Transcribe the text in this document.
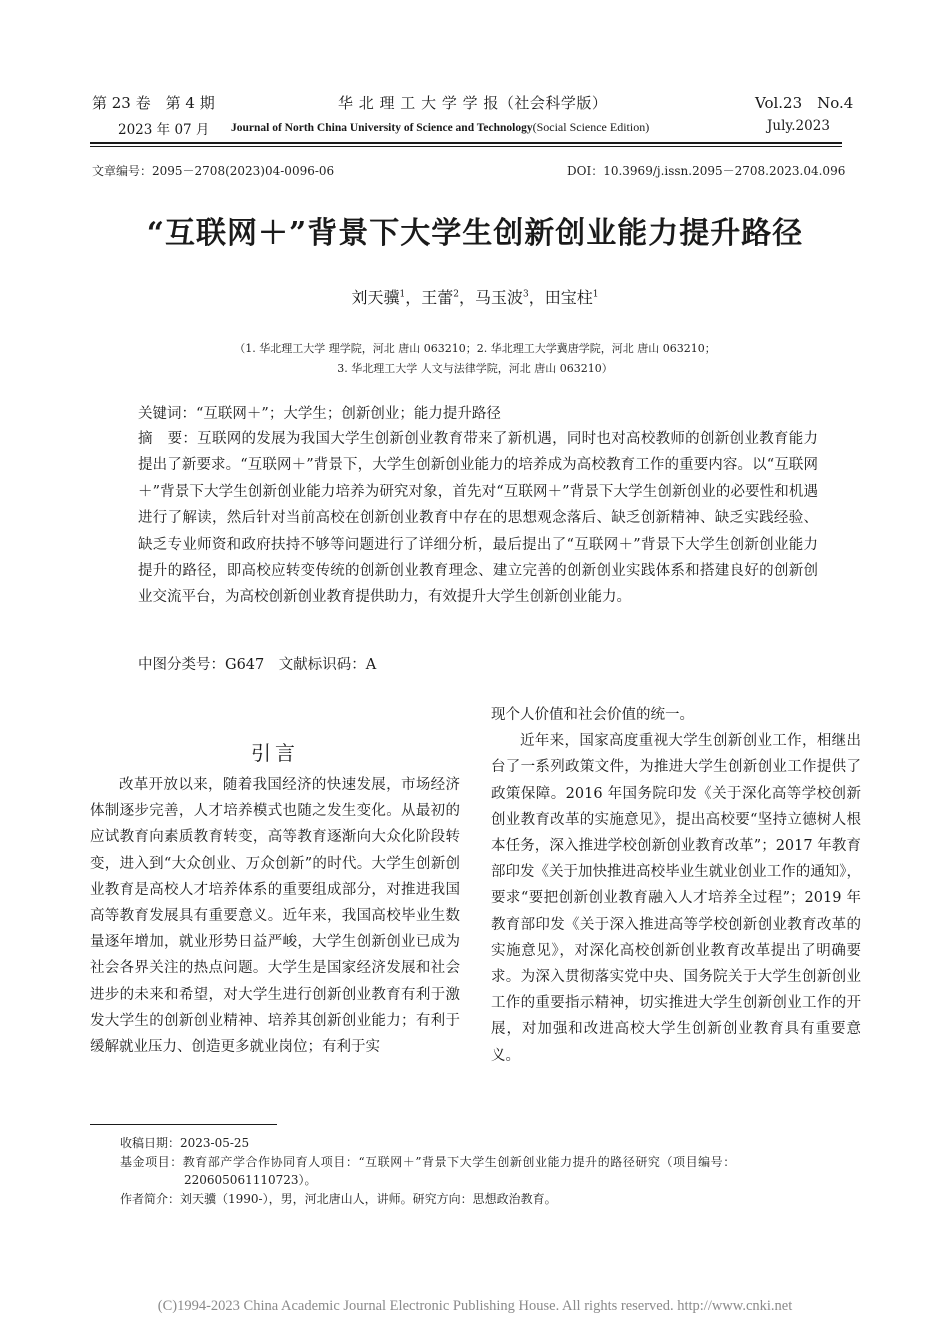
第 23 卷　第 4 期	华 北 理 工 大 学 学 报（社会科学版）	Vol.23　No.4
2023 年 07 月 Journal of North China University of Science and Technology(Social Science Edition)	July.2023
文章编号：2095－2708(2023)04-0096-06	DOI：10.3969/j.issn.2095－2708.2023.04.096
“互联网＋”背景下大学生创新创业能力提升路径
刘天骥$^1$，王蕾$^2$，马玉波$^3$，田宝柱$^1$
（1. 华北理工大学 理学院，河北 唐山 063210；2. 华北理工大学冀唐学院，河北 唐山 063210；
3. 华北理工大学 人文与法律学院，河北 唐山 063210）
关键词：“互联网＋”；大学生；创新创业；能力提升路径
摘　要：互联网的发展为我国大学生创新创业教育带来了新机遇，同时也对高校教师的创新创业教育能力提出了新要求。“互联网＋”背景下，大学生创新创业能力的培养成为高校教育工作的重要内容。以“互联网＋”背景下大学生创新创业能力培养为研究对象，首先对“互联网＋”背景下大学生创新创业的必要性和机遇进行了解读，然后针对当前高校在创新创业教育中存在的思想观念落后、缺乏创新精神、缺乏实践经验、缺乏专业师资和政府扶持不够等问题进行了详细分析，最后提出了“互联网＋”背景下大学生创新创业能力提升的路径，即高校应转变传统的创新创业教育理念、建立完善的创新创业实践体系和搭建良好的创新创业交流平台，为高校创新创业教育提供助力，有效提升大学生创新创业能力。
中图分类号：G647　文献标识码：A
引言

改革开放以来，随着我国经济的快速发展，市场经济体制逐步完善，人才培养模式也随之发生变化。从最初的应试教育向素质教育转变，高等教育逐渐向大众化阶段转变，进入到“大众创业、万众创新”的时代。大学生创新创业教育是高校人才培养体系的重要组成部分，对推进我国高等教育发展具有重要意义。近年来，我国高校毕业生数量逐年增加，就业形势日益严峻，大学生创新创业已成为社会各界关注的热点问题。大学生是国家经济发展和社会进步的未来和希望，对大学生进行创新创业教育有利于激发大学生的创新创业精神、培养其创新创业能力；有利于缓解就业压力、创造更多就业岗位；有利于实

现个人价值和社会价值的统一。

近年来，国家高度重视大学生创新创业工作，相继出台了一系列政策文件，为推进大学生创新创业工作提供了政策保障。2016 年国务院印发《关于深化高等学校创新创业教育改革的实施意见》，提出高校要“坚持立德树人根本任务，深入推进学校创新创业教育改革”；2017 年教育部印发《关于加快推进高校毕业生就业创业工作的通知》，要求“要把创新创业教育融入人才培养全过程”；2019 年教育部印发《关于深入推进高等学校创新创业教育改革的实施意见》，对深化高校创新创业教育改革提出了明确要求。为深入贯彻落实党中央、国务院关于大学生创新创业工作的重要指示精神，切实推进大学生创新创业工作的开展，对加强和改进高校大学生创新创业教育具有重要意义。

收稿日期：2023-05-25
基金项目：教育部产学合作协同育人项目：“互联网＋”背景下大学生创新创业能力提升的路径研究（项目编号：
220605061110723）。
作者简介：刘天骥（1990-），男，河北唐山人，讲师。研究方向：思想政治教育。
(C)1994-2023 China Academic Journal Electronic Publishing House. All rights reserved. http://www.cnki.net
